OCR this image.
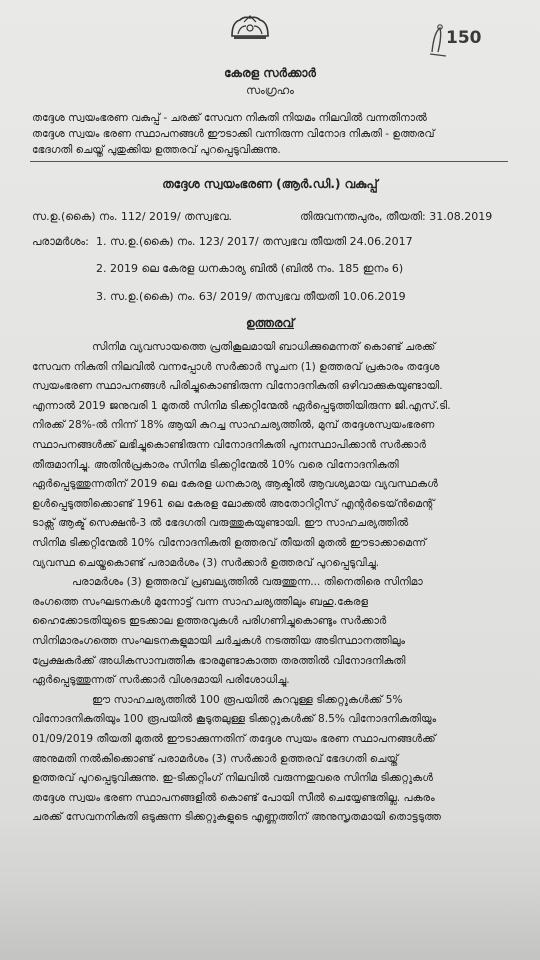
150
കേരള സർക്കാർ
സംഗ്രഹം
തദ്ദേശ സ്വയംഭരണ വകുപ്പ് - ചരക്ക് സേവന നികുതി നിയമം നിലവിൽ വന്നതിനാൽ
തദ്ദേശ സ്വയം ഭരണ സ്ഥാപനങ്ങൾ ഈടാക്കി വന്നിരുന്ന വിനോദ നികുതി - ഉത്തരവ്
ഭേദഗതി ചെയ്ത് പുതുക്കിയ ഉത്തരവ് പുറപ്പെടുവിക്കുന്നു.
തദ്ദേശ സ്വയംഭരണ (ആർ.ഡി.) വകുപ്പ്
സ.ഉ.(കൈ) നം. 112/ 2019/ തസ്വഭവ.	തിരുവനന്തപുരം, തീയതി: 31.08.2019
പരാമർശം: 1. സ.ഉ.(കൈ) നം. 123/ 2017/ തസ്വഭവ തീയതി 24.06.2017
2. 2019 ലെ കേരള ധനകാര്യ ബിൽ (ബിൽ നം. 185 ഇനം 6)
3. സ.ഉ.(കൈ) നം. 63/ 2019/ തസ്വഭവ തീയതി 10.06.2019
ഉത്തരവ്
സിനിമ വ്യവസായത്തെ പ്രതികൂലമായി ബാധിക്കുമെന്നത് കൊണ്ട് ചരക്ക്
സേവന നികുതി നിലവിൽ വന്നപ്പോൾ സർക്കാർ സൂചന (1) ഉത്തരവ് പ്രകാരം തദ്ദേശ
സ്വയംഭരണ സ്ഥാപനങ്ങൾ പിരിച്ചുകൊണ്ടിരുന്ന വിനോദനികുതി ഒഴിവാക്കുകയുണ്ടായി.
എന്നാൽ 2019 ജനുവരി 1 മുതൽ സിനിമ ടിക്കറ്റിന്മേൽ ഏർപ്പെടുത്തിയിരുന്ന ജി.എസ്.ടി.
നിരക്ക് 28%-ൽ നിന്ന് 18% ആയി കുറച്ച സാഹചര്യത്തിൽ, മുമ്പ് തദ്ദേശസ്വയംഭരണ
സ്ഥാപനങ്ങൾക്ക് ലഭിച്ചുകൊണ്ടിരുന്ന വിനോദനികുതി പുനഃസ്ഥാപിക്കാൻ സർക്കാർ
തീരുമാനിച്ചു. അതിൻപ്രകാരം സിനിമ ടിക്കറ്റിന്മേൽ 10% വരെ വിനോദനികുതി
ഏർപ്പെടുത്തുന്നതിന് 2019 ലെ കേരള ധനകാര്യ ആക്ടിൽ ആവശ്യമായ വ്യവസ്ഥകൾ
ഉൾപ്പെടുത്തിക്കൊണ്ട് 1961 ലെ കേരള ലോക്കൽ അതോറിറ്റീസ് എന്റർടെയ്ൻമെന്റ്
ടാക്സ് ആക്ട് സെക്ഷൻ-3 ൽ ഭേദഗതി വരുത്തുകയുണ്ടായി. ഈ സാഹചര്യത്തിൽ
സിനിമ ടിക്കറ്റിന്മേൽ 10% വിനോദനികുതി ഉത്തരവ് തീയതി മുതൽ ഈടാക്കാമെന്ന്
വ്യവസ്ഥ ചെയ്തുകൊണ്ട് പരാമർശം (3) സർക്കാർ ഉത്തരവ് പുറപ്പെടുവിച്ചു.
പരാമർശം (3) ഉത്തരവ് പ്രബല്യത്തിൽ വരുത്തുന്ന... തിനെതിരെ സിനിമാ
രംഗത്തെ സംഘടനകൾ മുന്നോട്ട് വന്ന സാഹചര്യത്തിലും ബഹു.കേരള
ഹൈക്കോടതിയുടെ ഇടക്കാല ഉത്തരവുകൾ പരിഗണിച്ചുകൊണ്ടും സർക്കാർ
സിനിമാരംഗത്തെ സംഘടനകളുമായി ചർച്ചകൾ നടത്തിയ അടിസ്ഥാനത്തിലും
പ്രേക്ഷകർക്ക് അധികസാമ്പത്തിക ഭാരമുണ്ടാകാത്ത തരത്തിൽ വിനോദനികുതി
ഏർപ്പെടുത്തുന്നത് സർക്കാർ വിശദമായി പരിശോധിച്ചു.
ഈ സാഹചര്യത്തിൽ 100 രൂപയിൽ കുറവുള്ള ടിക്കറ്റുകൾക്ക് 5%
വിനോദനികുതിയും 100 രൂപയിൽ കൂടുതലുള്ള ടിക്കറ്റുകൾക്ക് 8.5% വിനോദനികുതിയും
01/09/2019 തീയതി മുതൽ ഈടാക്കുന്നതിന് തദ്ദേശ സ്വയം ഭരണ സ്ഥാപനങ്ങൾക്ക്
അനുമതി നൽകിക്കൊണ്ട് പരാമർശം (3) സർക്കാർ ഉത്തരവ് ഭേദഗതി ചെയ്ത്
ഉത്തരവ് പുറപ്പെടുവിക്കുന്നു. ഇ-ടിക്കറ്റിംഗ് നിലവിൽ വരുന്നതുവരെ സിനിമ ടിക്കറ്റുകൾ
തദ്ദേശ സ്വയം ഭരണ സ്ഥാപനങ്ങളിൽ കൊണ്ട് പോയി സീൽ ചെയ്യേണ്ടതില്ല. പകരം
ചരക്ക് സേവനനികുതി ഒടുക്കുന്ന ടിക്കറ്റുകളുടെ എണ്ണത്തിന് അനുസൃതമായി തൊട്ടടുത്ത
